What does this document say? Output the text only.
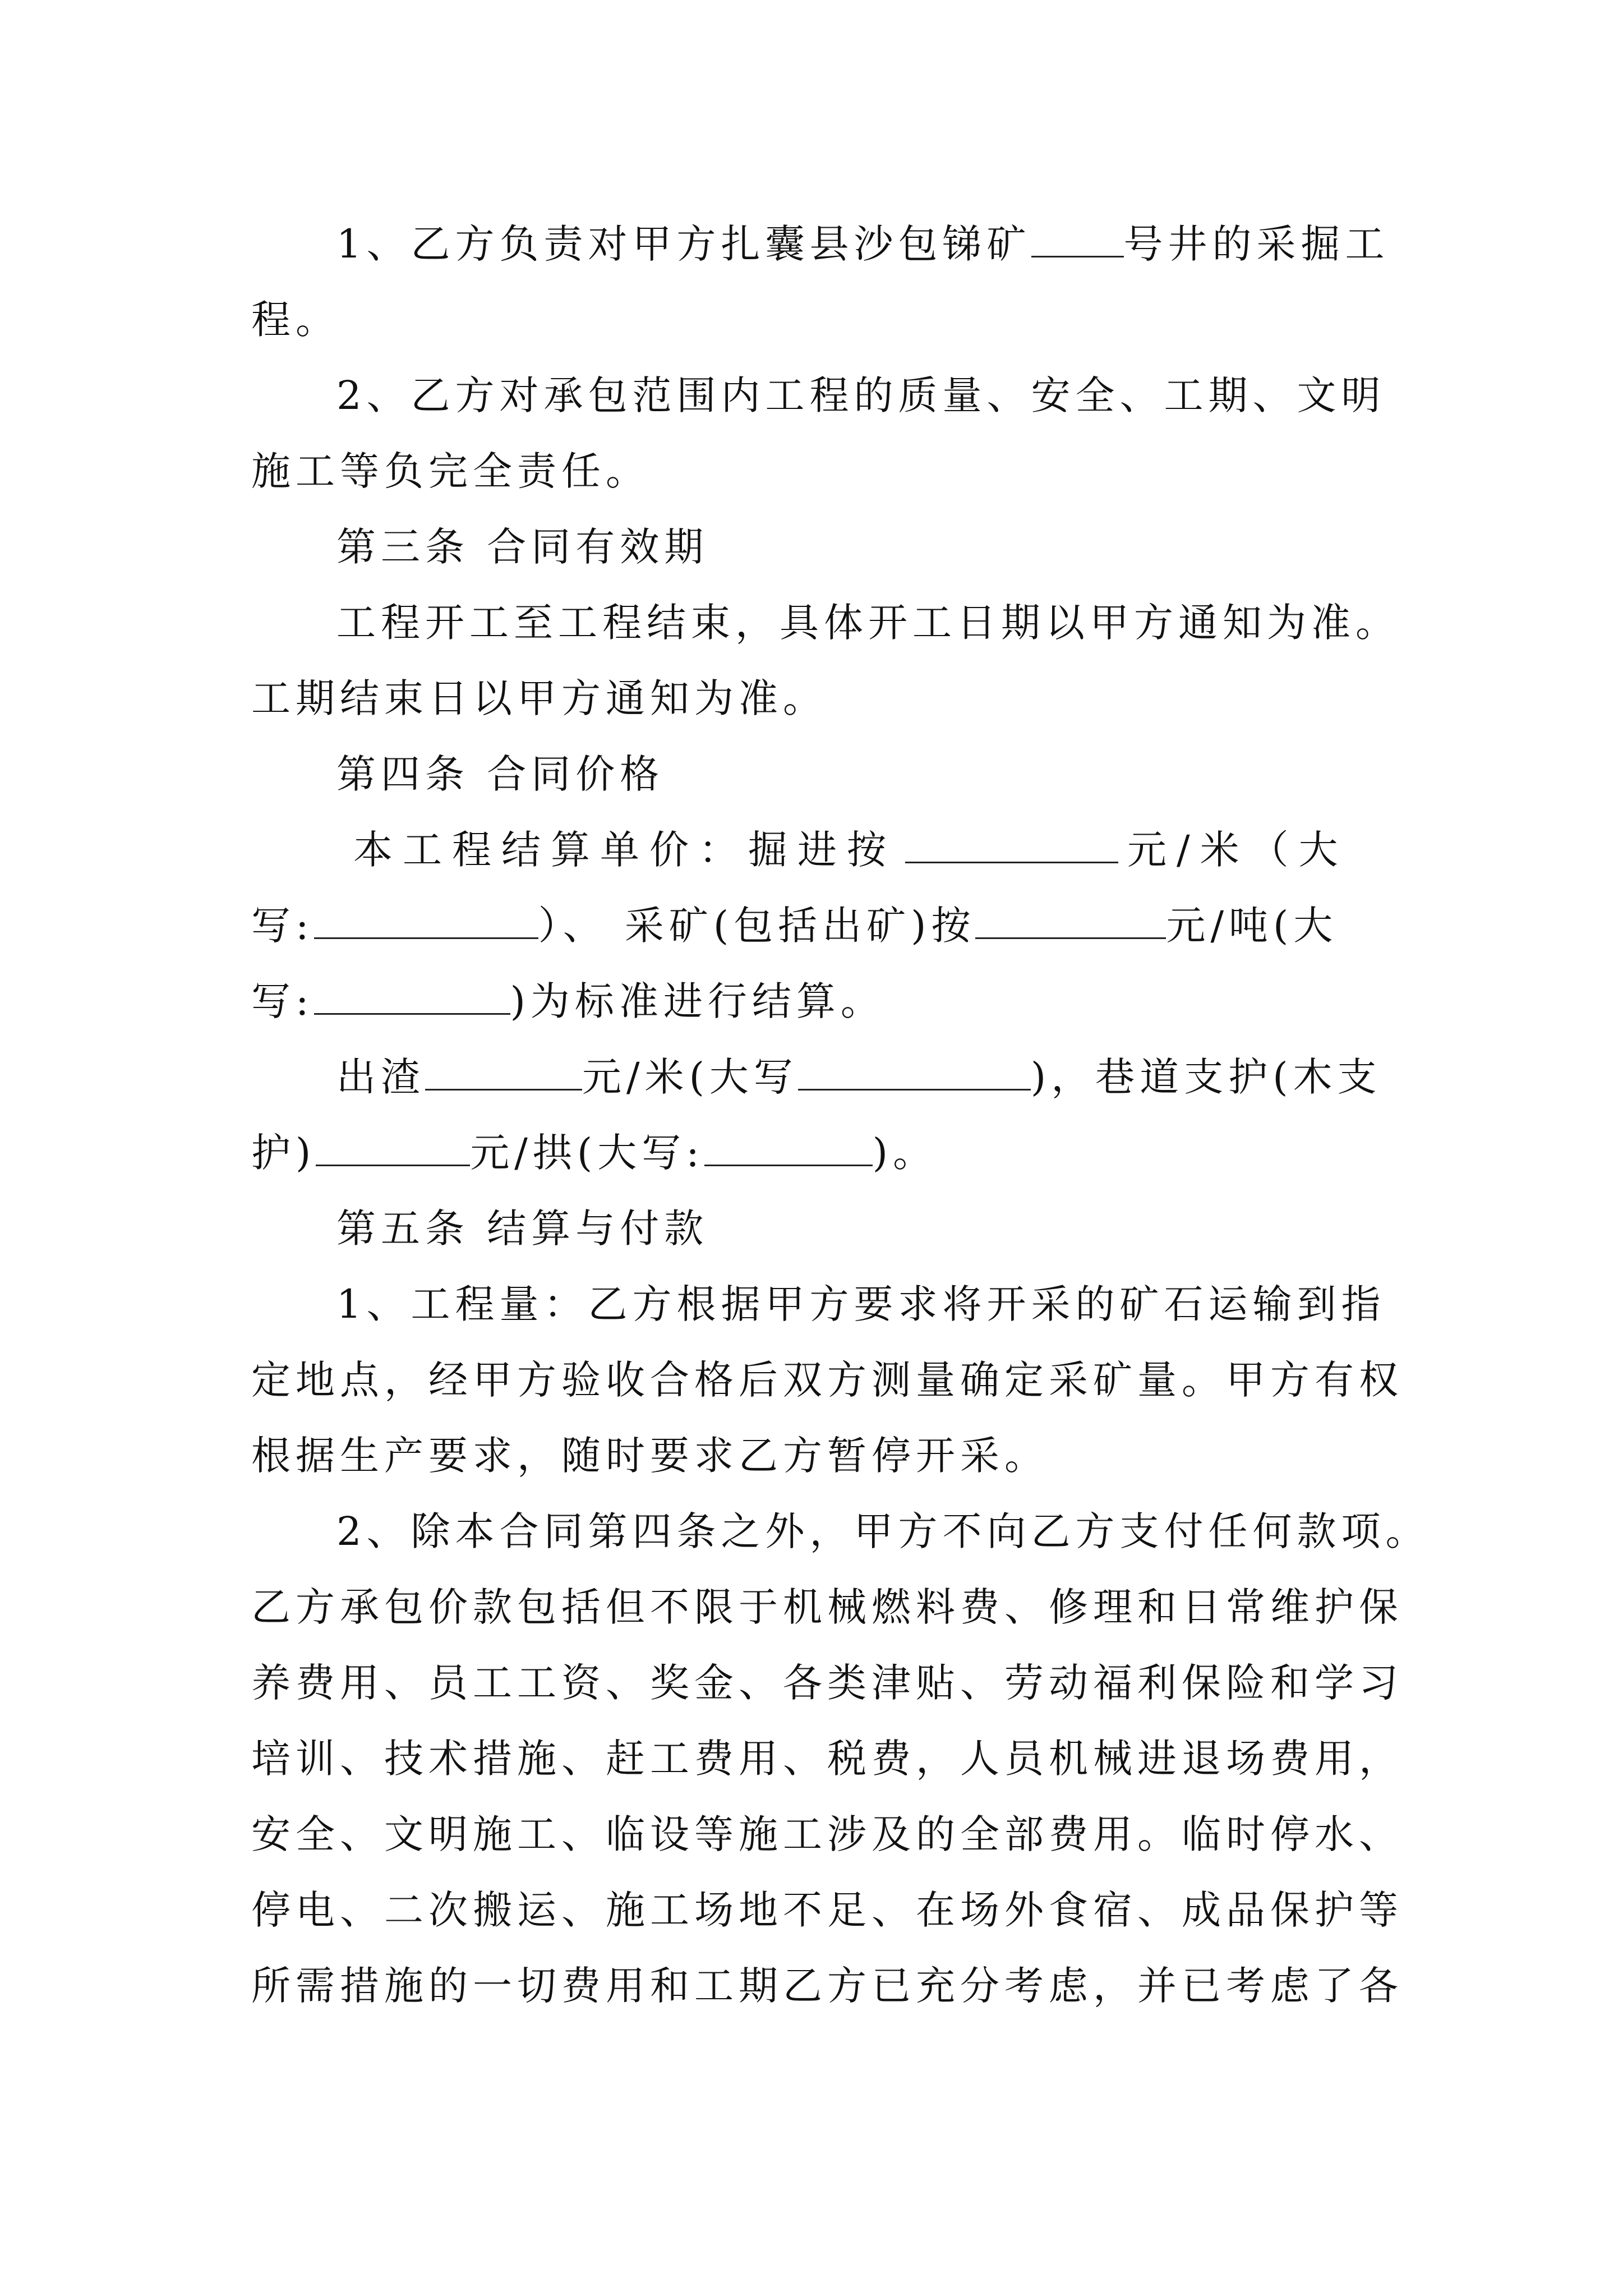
1、乙方负责对甲方扎囊县沙包锑矿 号井的采掘工
程。
2、乙方对承包范围内工程的质量、安全、工期、文明
施工等负完全责任。
第三条 合同有效期
工程开工至工程结束，具体开工日期以甲方通知为准。
工期结束日以甲方通知为准。
第四条 合同价格
本工程结算单价：掘进按	元/米（大
写:	）、 采矿(包括出矿)按	元/吨(大
写:	)为标准进行结算。
出渣	元/米(大写	)，巷道支护(木支
护)	元/拱(大写:	)。
第五条 结算与付款
1、工程量：乙方根据甲方要求将开采的矿石运输到指
定地点，经甲方验收合格后双方测量确定采矿量。甲方有权
根据生产要求，随时要求乙方暂停开采。
2、除本合同第四条之外，甲方不向乙方支付任何款项。
乙方承包价款包括但不限于机械燃料费、修理和日常维护保
养费用、员工工资、奖金、各类津贴、劳动福利保险和学习
培训、技术措施、赶工费用、税费，人员机械进退场费用，
安全、文明施工、临设等施工涉及的全部费用。临时停水、
停电、二次搬运、施工场地不足、在场外食宿、成品保护等
所需措施的一切费用和工期乙方已充分考虑，并已考虑了各
